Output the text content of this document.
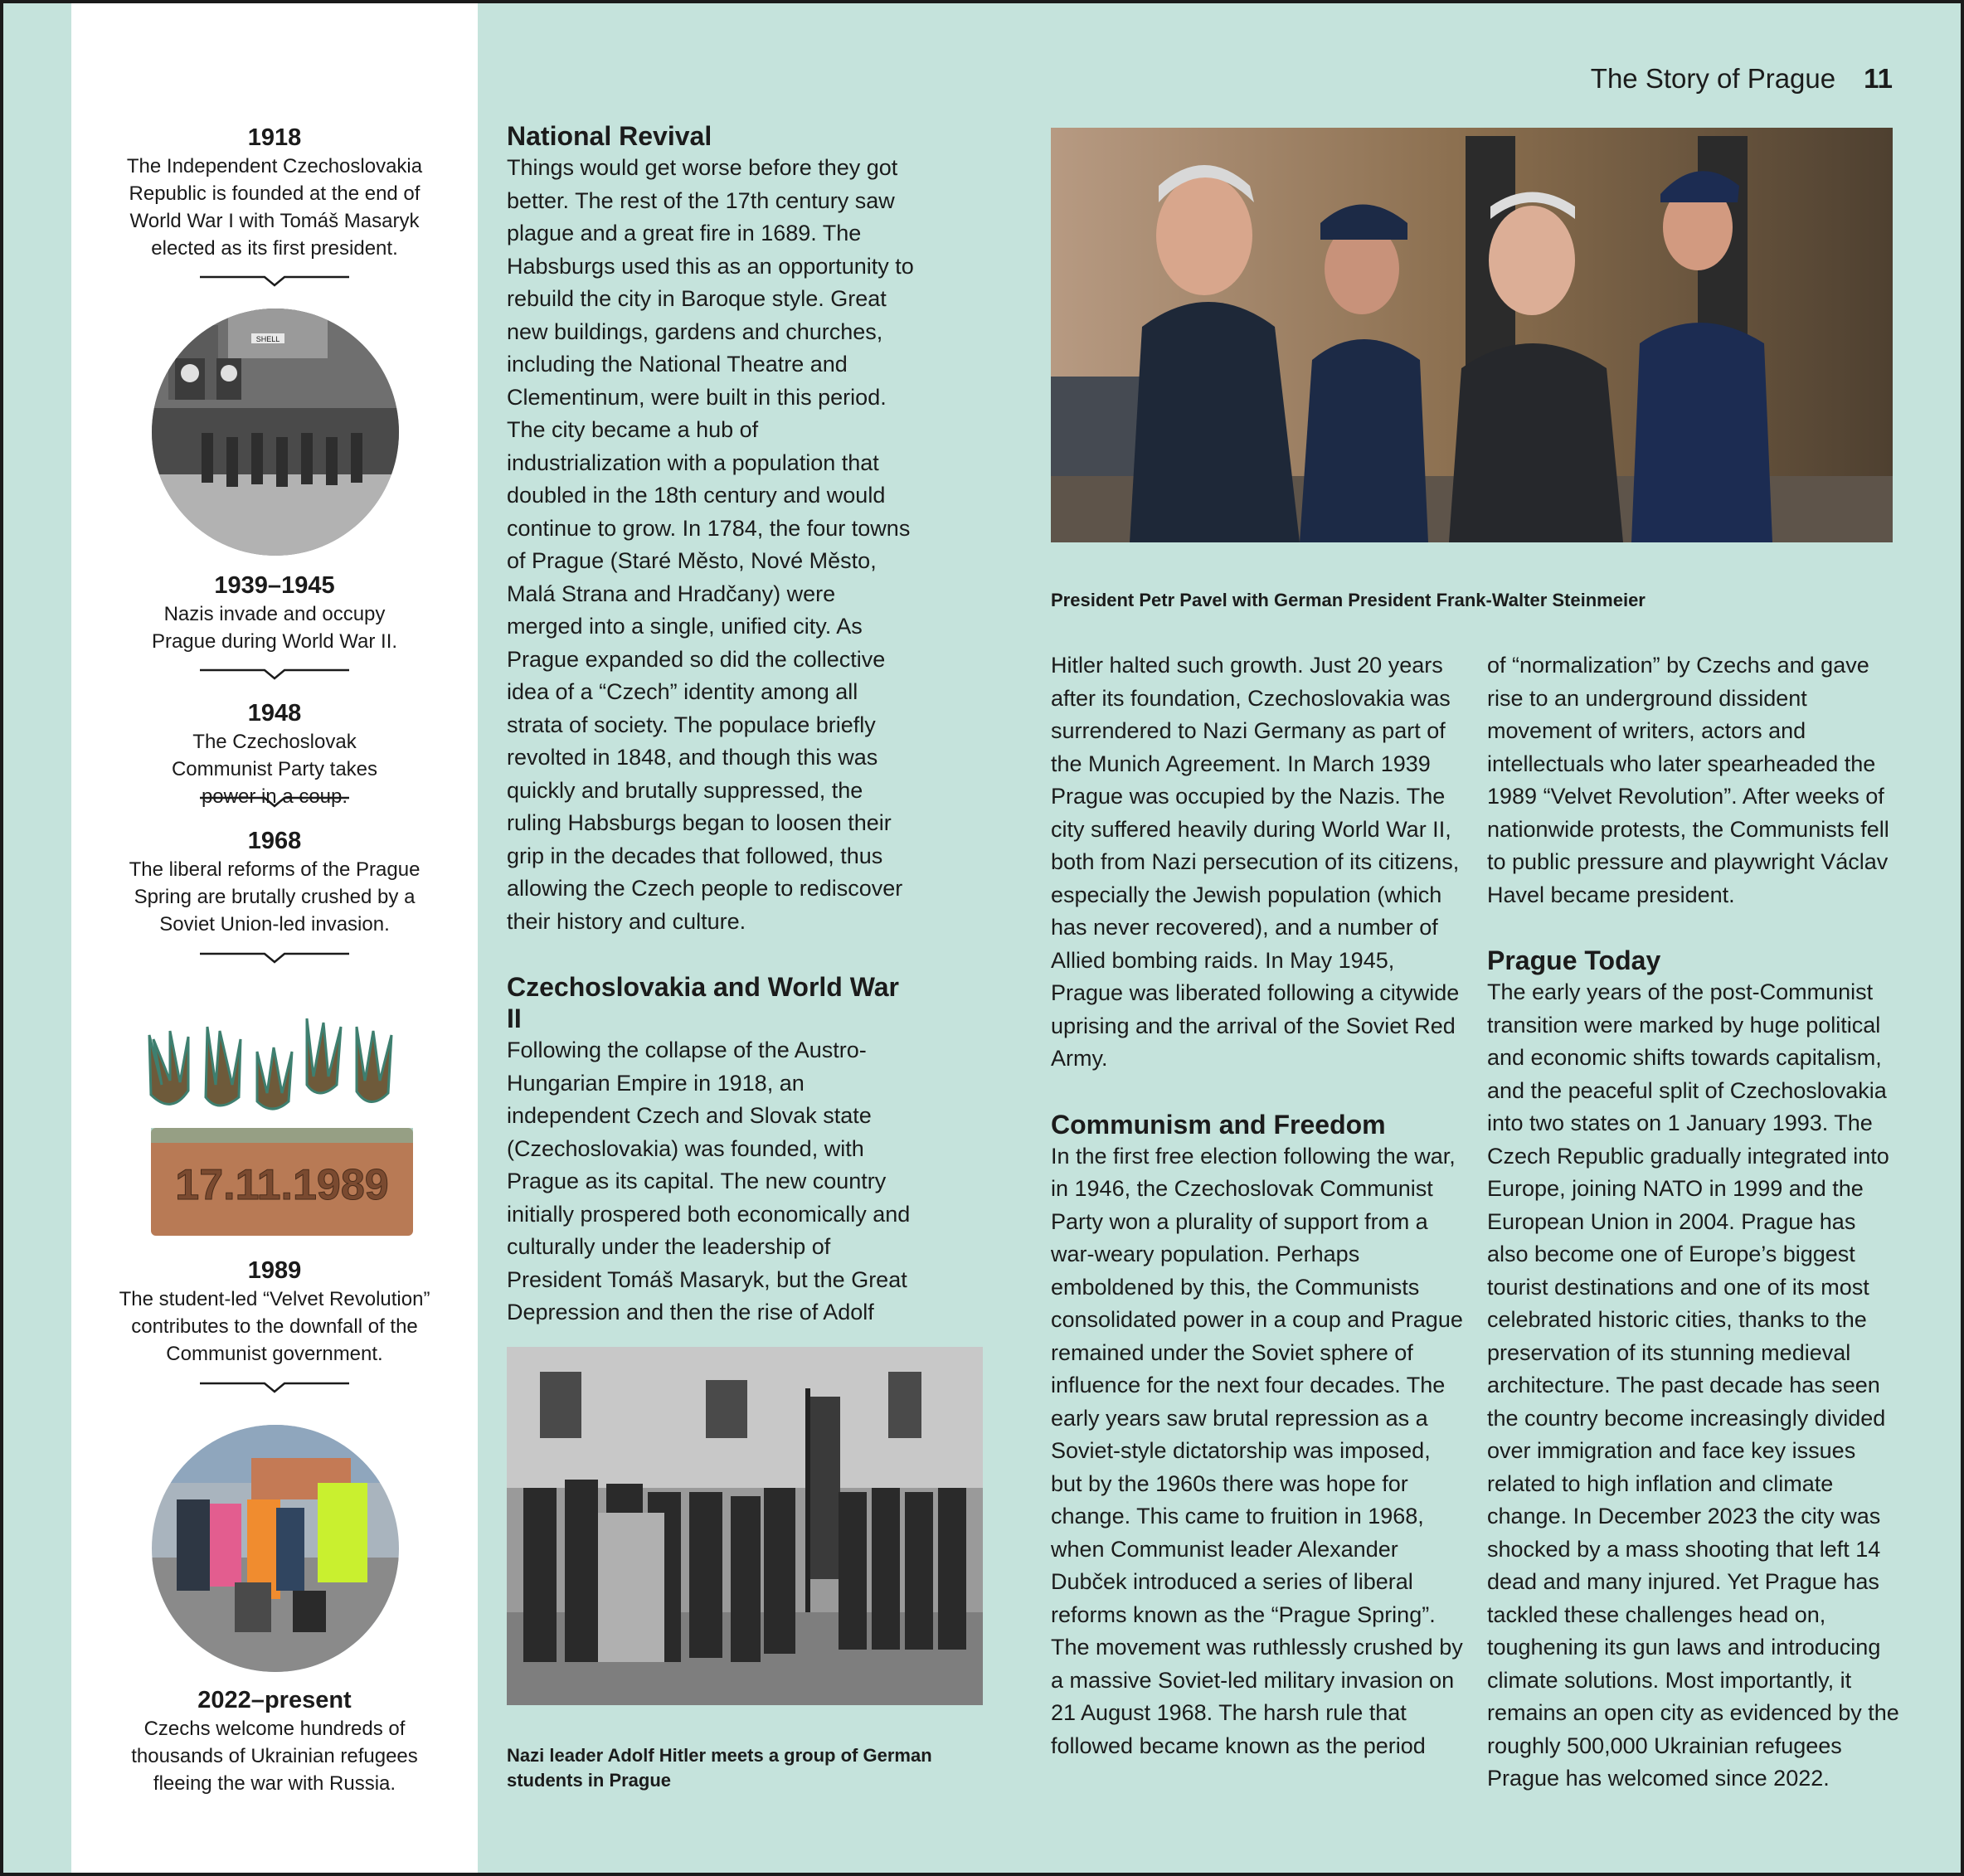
The Story of Prague 11
1918
The Independent Czechoslovakia Republic is founded at the end of World War I with Tomáš Masaryk elected as its first president.
SHELL
1939–1945
Nazis invade and occupy Prague during World War II.
1948
The Czechoslovak Communist Party takes power in a coup.
1968
The liberal reforms of the Prague Spring are brutally crushed by a Soviet Union-led invasion.
17.11.1989
1989
The student-led “Velvet Revolution” contributes to the downfall of the Communist government.
2022–present
Czechs welcome hundreds of thousands of Ukrainian refugees fleeing the war with Russia.
National Revival

Things would get worse before they got better. The rest of the 17th century saw plague and a great fire in 1689. The Habsburgs used this as an opportunity to rebuild the city in Baroque style. Great new buildings, gardens and churches, including the National Theatre and Clementinum, were built in this period. The city became a hub of industrialization with a population that doubled in the 18th century and would continue to grow. In 1784, the four towns of Prague (Staré Město, Nové Město, Malá Strana and Hradčany) were merged into a single, unified city. As Prague expanded so did the collective idea of a “Czech” identity among all strata of society. The populace briefly revolted in 1848, and though this was quickly and brutally suppressed, the ruling Habsburgs began to loosen their grip in the decades that followed, thus allowing the Czech people to rediscover their history and culture.

Czechoslovakia and World War II

Following the collapse of the Austro-Hungarian Empire in 1918, an independent Czech and Slovak state (Czechoslovakia) was founded, with Prague as its capital. The new country initially prospered both economically and culturally under the leadership of President Tomáš Masaryk, but the Great Depression and then the rise of Adolf

President Petr Pavel with German President Frank-Walter Steinmeier

Hitler halted such growth. Just 20 years after its foundation, Czechoslovakia was surrendered to Nazi Germany as part of the Munich Agreement. In March 1939 Prague was occupied by the Nazis. The city suffered heavily during World War II, both from Nazi persecution of its citizens, especially the Jewish population (which has never recovered), and a number of Allied bombing raids. In May 1945, Prague was liberated following a citywide uprising and the arrival of the Soviet Red Army.

Communism and Freedom

In the first free election following the war, in 1946, the Czechoslovak Communist Party won a plurality of support from a war-weary population. Perhaps emboldened by this, the Communists consolidated power in a coup and Prague remained under the Soviet sphere of influence for the next four decades. The early years saw brutal repression as a Soviet-style dictatorship was imposed, but by the 1960s there was hope for change. This came to fruition in 1968, when Communist leader Alexander Dubček introduced a series of liberal reforms known as the “Prague Spring”. The movement was ruthlessly crushed by a massive Soviet-led military invasion on 21 August 1968. The harsh rule that followed became known as the period

of “normalization” by Czechs and gave rise to an underground dissident movement of writers, actors and intellectuals who later spearheaded the 1989 “Velvet Revolution”. After weeks of nationwide protests, the Communists fell to public pressure and playwright Václav Havel became president.

Prague Today

The early years of the post-Communist transition were marked by huge political and economic shifts towards capitalism, and the peaceful split of Czechoslovakia into two states on 1 January 1993. The Czech Republic gradually integrated into Europe, joining NATO in 1999 and the European Union in 2004. Prague has also become one of Europe’s biggest tourist destinations and one of its most celebrated historic cities, thanks to the preservation of its stunning medieval architecture. The past decade has seen the country become increasingly divided over immigration and face key issues related to high inflation and climate change. In December 2023 the city was shocked by a mass shooting that left 14 dead and many injured. Yet Prague has tackled these challenges head on, toughening its gun laws and introducing climate solutions. Most importantly, it remains an open city as evidenced by the roughly 500,000 Ukrainian refugees Prague has welcomed since 2022.

Nazi leader Adolf Hitler meets a group of German students in Prague
